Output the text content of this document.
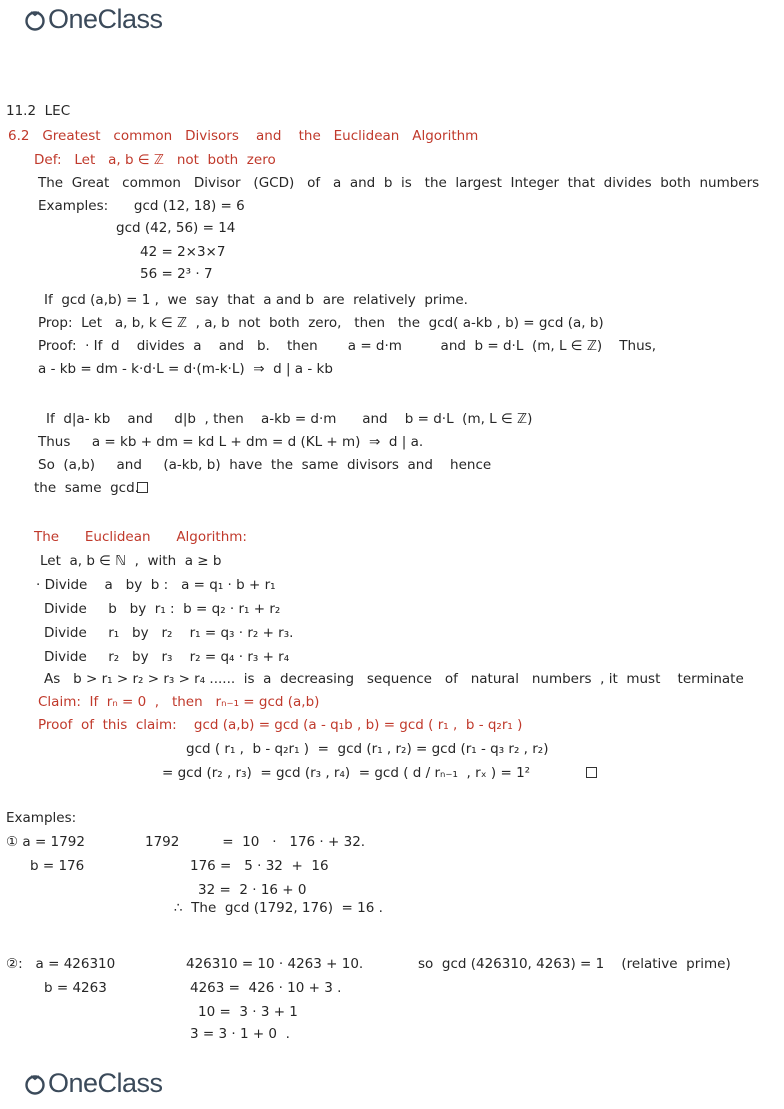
OneClass
11.2  LEC
6.2   Greatest   common   Divisors    and    the   Euclidean   Algorithm
Def:   Let   a, b ∈ ℤ   not  both  zero
The  Great   common   Divisor   (GCD)   of   a  and  b  is   the  largest  Integer  that  divides  both  numbers
Examples:      gcd (12, 18) = 6
gcd (42, 56) = 14
42 = 2×3×7
56 = 2³ · 7
If  gcd (a,b) = 1 ,  we  say  that  a and b  are  relatively  prime.
Prop:  Let   a, b, k ∈ ℤ  , a, b  not  both  zero,   then   the  gcd( a-kb , b) = gcd (a, b)
Proof:  · If  d    divides  a    and   b.    then       a = d·m         and  b = d·L  (m, L ∈ ℤ)    Thus,
a - kb = dm - k·d·L = d·(m-k·L)  ⇒  d | a - kb
If  d|a- kb    and     d|b  , then    a-kb = d·m      and    b = d·L  (m, L ∈ ℤ)
Thus     a = kb + dm = kd L + dm = d (KL + m)  ⇒  d | a.
So  (a,b)     and     (a-kb, b)  have  the  same  divisors  and    hence
the  same  gcd.
The      Euclidean      Algorithm:
Let  a, b ∈ ℕ  ,  with  a ≥ b
· Divide    a   by  b :   a = q₁ · b + r₁
Divide     b   by  r₁ :  b = q₂ · r₁ + r₂
Divide     r₁   by   r₂    r₁ = q₃ · r₂ + r₃.
Divide     r₂   by   r₃    r₂ = q₄ · r₃ + r₄
As   b > r₁ > r₂ > r₃ > r₄ ......  is  a  decreasing   sequence   of   natural   numbers  , it  must    terminate
Claim:  If  rₙ = 0  ,   then   rₙ₋₁ = gcd (a,b)
Proof  of  this  claim:    gcd (a,b) = gcd (a - q₁b , b) = gcd ( r₁ ,  b - q₂r₁ )
gcd ( r₁ ,  b - q₂r₁ )  =  gcd (r₁ , r₂) = gcd (r₁ - q₃ r₂ , r₂)
= gcd (r₂ , r₃)  = gcd (r₃ , r₄)  = gcd ( d / rₙ₋₁  , rₓ ) = 1²
Examples:
① a = 1792              1792          =  10   ·   176 · + 32.
b = 176	176 =   5 · 32  +  16
32 =  2 · 16 + 0
∴  The  gcd (1792, 176)  = 16 .
②:   a = 426310	426310 = 10 · 4263 + 10.	so  gcd (426310, 4263) = 1    (relative  prime)
b = 4263	4263 =  426 · 10 + 3 .
10 =  3 · 3 + 1
3 = 3 · 1 + 0  .
OneClass
